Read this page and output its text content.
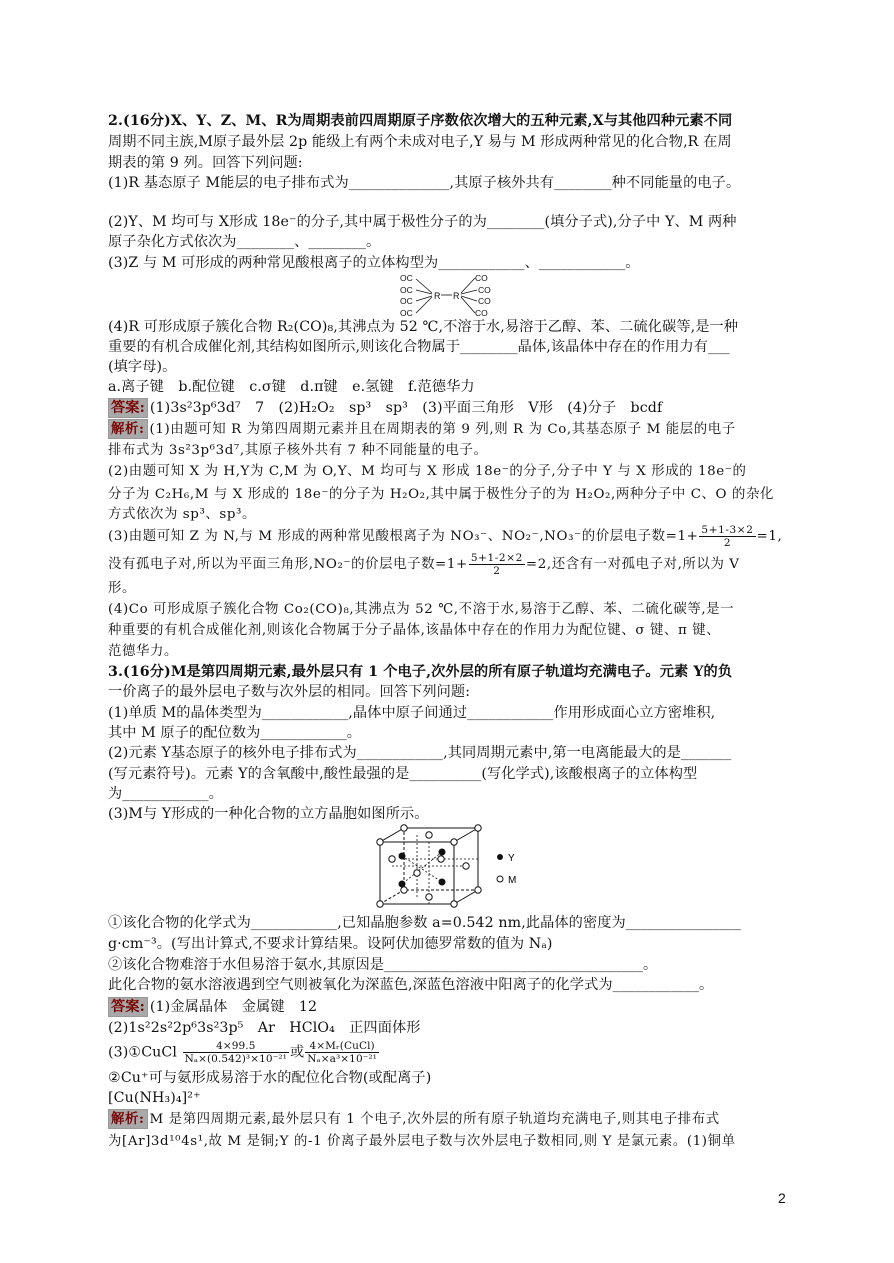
2.(16分)X、Y、Z、M、R为周期表前四周期原子序数依次增大的五种元素,X与其他四种元素不同
周期不同主族,M原子最外层 2p 能级上有两个未成对电子,Y 易与 M 形成两种常见的化合物,R 在周
期表的第 9 列。回答下列问题:
(1)R 基态原子 M能层的电子排布式为______________,其原子核外共有________种不同能量的电子。
(2)Y、M 均可与 X形成 18e⁻的分子,其中属于极性分子的为________(填分子式),分子中 Y、M 两种
原子杂化方式依次为________、________。
(3)Z 与 M 可形成的两种常见酸根离子的立体构型为____________、____________。
OC
OC
OC
OC
R R
CO
CO
CO
CO
(4)R 可形成原子簇化合物 R₂(CO)₈,其沸点为 52 ℃,不溶于水,易溶于乙醇、苯、二硫化碳等,是一种
重要的有机合成催化剂,其结构如图所示,则该化合物属于________晶体,该晶体中存在的作用力有___
(填字母)。
a.离子键　b.配位键　c.σ键　d.π键　e.氢键　f.范德华力
答案: (1)3s²3p⁶3d⁷　7　(2)H₂O₂　sp³　sp³　(3)平面三角形　V形　(4)分子　bcdf
解析: (1)由题可知 R 为第四周期元素并且在周期表的第 9 列,则 R 为 Co,其基态原子 M 能层的电子
排布式为 3s²3p⁶3d⁷,其原子核外共有 7 种不同能量的电子。
(2)由题可知 X 为 H,Y为 C,M 为 O,Y、M 均可与 X 形成 18e⁻的分子,分子中 Y 与 X 形成的 18e⁻的
分子为 C₂H₆,M 与 X 形成的 18e⁻的分子为 H₂O₂,其中属于极性分子的为 H₂O₂,两种分子中 C、O 的杂化
方式依次为 sp³、sp³。
(3)由题可知 Z 为 N,与 M 形成的两种常见酸根离子为 NO₃⁻、NO₂⁻,NO₃⁻的价层电子数$=1+ \frac{5+1-3\times 2}{2} =1$,
没有孤电子对,所以为平面三角形,NO₂⁻的价层电子数$=1+ \frac{5+1-2\times 2}{2} =2$,还含有一对孤电子对,所以为 V
形。
(4)Co 可形成原子簇化合物 Co₂(CO)₈,其沸点为 52 ℃,不溶于水,易溶于乙醇、苯、二硫化碳等,是一
种重要的有机合成催化剂,则该化合物属于分子晶体,该晶体中存在的作用力为配位键、σ 键、π 键、
范德华力。
3.(16分)M是第四周期元素,最外层只有 1 个电子,次外层的所有原子轨道均充满电子。元素 Y的负
一价离子的最外层电子数与次外层的相同。回答下列问题:
(1)单质 M的晶体类型为____________,晶体中原子间通过____________作用形成面心立方密堆积,
其中 M 原子的配位数为____________。
(2)元素 Y基态原子的核外电子排布式为____________,其同周期元素中,第一电离能最大的是_______
(写元素符号)。元素 Y的含氧酸中,酸性最强的是__________(写化学式),该酸根离子的立体构型
为____________。
(3)M与 Y形成的一种化合物的立方晶胞如图所示。
Y
M
①该化合物的化学式为____________,已知晶胞参数 a=0.542 nm,此晶体的密度为________________
g·cm⁻³。(写出计算式,不要求计算结果。设阿伏加德罗常数的值为 Nₐ)
②该化合物难溶于水但易溶于氨水,其原因是____________________________________。
此化合物的氨水溶液遇到空气则被氧化为深蓝色,深蓝色溶液中阳离子的化学式为____________。
答案: (1)金属晶体　金属键　12
(2)1s²2s²2p⁶3s²3p⁵　Ar　HClO₄　正四面体形
(3)①CuCl $\frac{4\times 99.5}{\text{Nₐ×(0.542)³×10⁻²¹}}$ 或 $\frac{\text{4×Mᵣ(CuCl)}}{\text{Nₐ×a³×10⁻²¹}}$
②Cu⁺可与氨形成易溶于水的配位化合物(或配离子)
[Cu(NH₃)₄]²⁺
解析: M 是第四周期元素,最外层只有 1 个电子,次外层的所有原子轨道均充满电子,则其电子排布式
为[Ar]3d¹⁰4s¹,故 M 是铜;Y 的-1 价离子最外层电子数与次外层电子数相同,则 Y 是氯元素。(1)铜单
2
